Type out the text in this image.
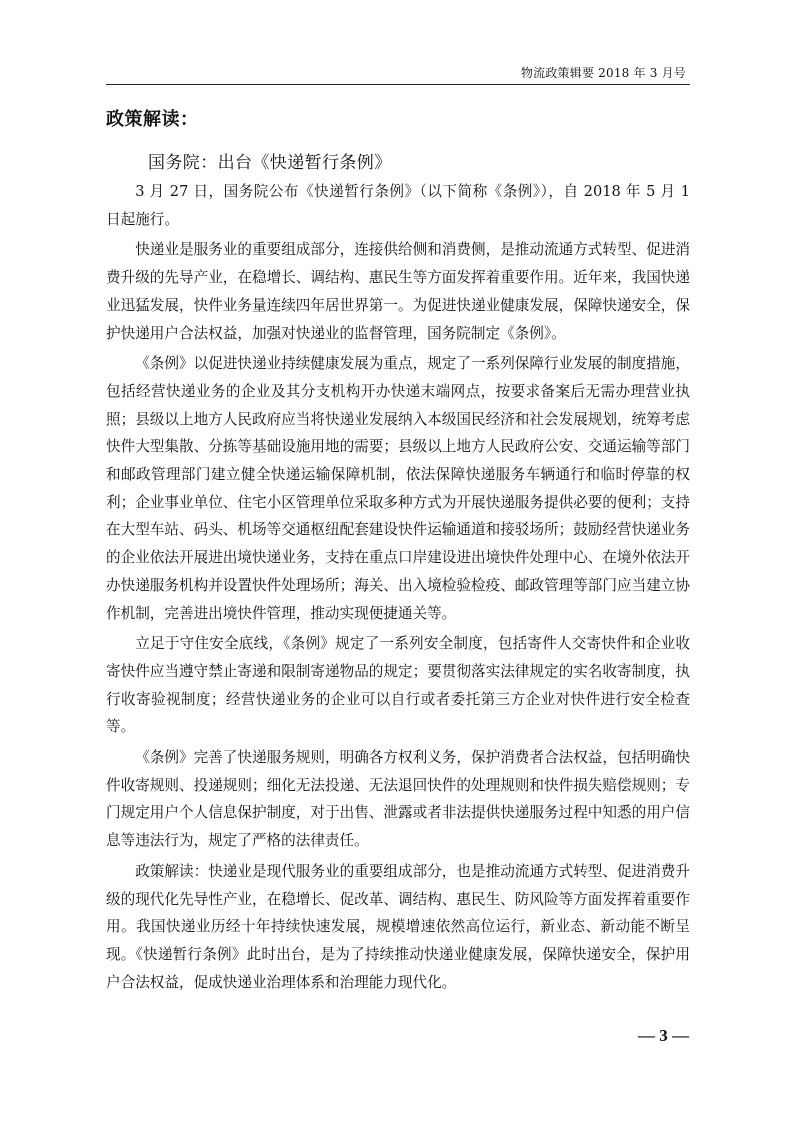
物流政策辑要 2018 年 3 月号
政策解读：
国务院：出台《快递暂行条例》

3 月 27 日，国务院公布《快递暂行条例》（以下简称《条例》），自 2018 年 5 月 1 日起施行。

快递业是服务业的重要组成部分，连接供给侧和消费侧，是推动流通方式转型、促进消费升级的先导产业，在稳增长、调结构、惠民生等方面发挥着重要作用。近年来，我国快递业迅猛发展，快件业务量连续四年居世界第一。为促进快递业健康发展，保障快递安全，保护快递用户合法权益，加强对快递业的监督管理，国务院制定《条例》。

《条例》以促进快递业持续健康发展为重点，规定了一系列保障行业发展的制度措施，包括经营快递业务的企业及其分支机构开办快递末端网点，按要求备案后无需办理营业执照；县级以上地方人民政府应当将快递业发展纳入本级国民经济和社会发展规划，统筹考虑快件大型集散、分拣等基础设施用地的需要；县级以上地方人民政府公安、交通运输等部门和邮政管理部门建立健全快递运输保障机制，依法保障快递服务车辆通行和临时停靠的权利；企业事业单位、住宅小区管理单位采取多种方式为开展快递服务提供必要的便利；支持在大型车站、码头、机场等交通枢纽配套建设快件运输通道和接驳场所；鼓励经营快递业务的企业依法开展进出境快递业务，支持在重点口岸建设进出境快件处理中心、在境外依法开办快递服务机构并设置快件处理场所；海关、出入境检验检疫、邮政管理等部门应当建立协作机制，完善进出境快件管理，推动实现便捷通关等。

立足于守住安全底线，《条例》规定了一系列安全制度，包括寄件人交寄快件和企业收寄快件应当遵守禁止寄递和限制寄递物品的规定；要贯彻落实法律规定的实名收寄制度，执行收寄验视制度；经营快递业务的企业可以自行或者委托第三方企业对快件进行安全检查等。

《条例》完善了快递服务规则，明确各方权利义务，保护消费者合法权益，包括明确快件收寄规则、投递规则；细化无法投递、无法退回快件的处理规则和快件损失赔偿规则；专门规定用户个人信息保护制度，对于出售、泄露或者非法提供快递服务过程中知悉的用户信息等违法行为，规定了严格的法律责任。

政策解读：快递业是现代服务业的重要组成部分，也是推动流通方式转型、促进消费升级的现代化先导性产业，在稳增长、促改革、调结构、惠民生、防风险等方面发挥着重要作用。我国快递业历经十年持续快速发展，规模增速依然高位运行，新业态、新动能不断呈现。《快递暂行条例》此时出台，是为了持续推动快递业健康发展，保障快递安全，保护用户合法权益，促成快递业治理体系和治理能力现代化。

— 3 —
